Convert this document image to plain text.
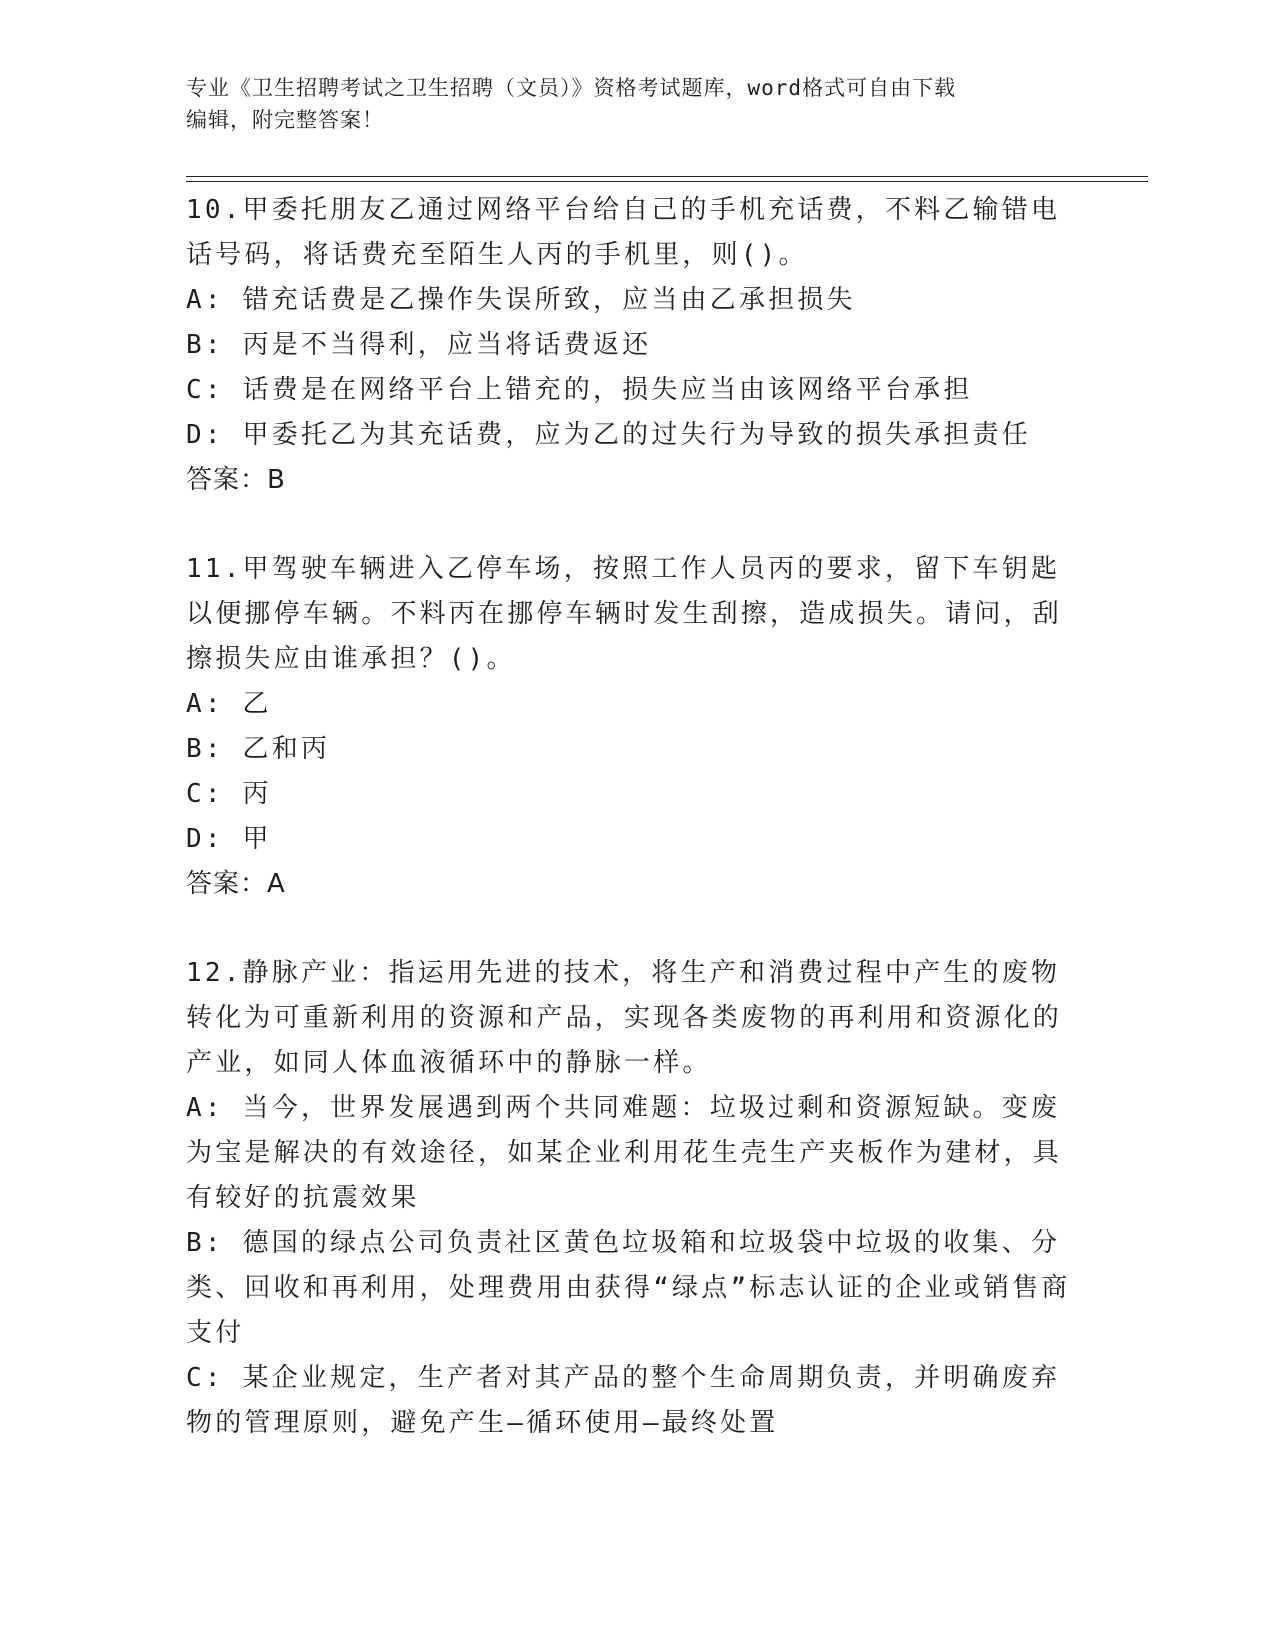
专业《卫生招聘考试之卫生招聘（文员）》资格考试题库，word格式可自由下载
编辑，附完整答案！

10.甲委托朋友乙通过网络平台给自己的手机充话费，不料乙输错电话号码，将话费充至陌生人丙的手机里，则()。

A: 错充话费是乙操作失误所致，应当由乙承担损失

B: 丙是不当得利，应当将话费返还

C: 话费是在网络平台上错充的，损失应当由该网络平台承担

D: 甲委托乙为其充话费，应为乙的过失行为导致的损失承担责任

答案：B

11.甲驾驶车辆进入乙停车场，按照工作人员丙的要求，留下车钥匙以便挪停车辆。不料丙在挪停车辆时发生刮擦，造成损失。请问，刮擦损失应由谁承担？()。

A: 乙

B: 乙和丙

C: 丙

D: 甲

答案：A

12.静脉产业：指运用先进的技术，将生产和消费过程中产生的废物转化为可重新利用的资源和产品，实现各类废物的再利用和资源化的产业，如同人体血液循环中的静脉一样。

A: 当今，世界发展遇到两个共同难题：垃圾过剩和资源短缺。变废为宝是解决的有效途径，如某企业利用花生壳生产夹板作为建材，具有较好的抗震效果

B: 德国的绿点公司负责社区黄色垃圾箱和垃圾袋中垃圾的收集、分类、回收和再利用，处理费用由获得“绿点”标志认证的企业或销售商支付

C: 某企业规定，生产者对其产品的整个生命周期负责，并明确废弃物的管理原则，避免产生—循环使用—最终处置
